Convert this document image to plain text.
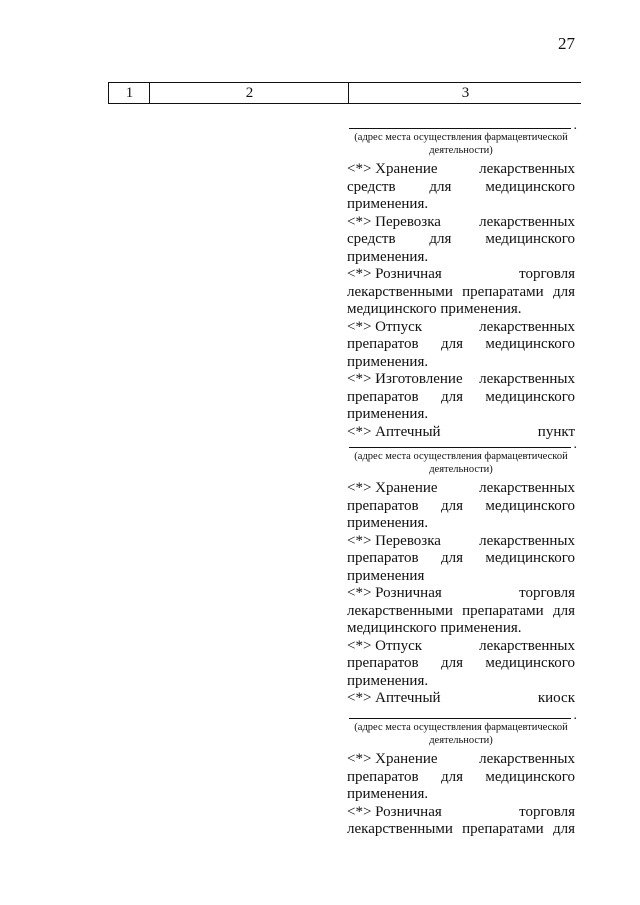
27
1	2	3
.
(адрес места осуществления фармацевтической деятельности)
<*> Хранение	лекарственных
средств для медицинского
применения.
<*> Перевозка	лекарственных
средств для медицинского
применения.
<*> Розничная	торговля
лекарственными препаратами для
медицинского применения.
<*> Отпуск	лекарственных
препаратов для медицинского
применения.
<*> Изготовление лекарственных
препаратов для медицинского
применения.
<*> Аптечный	пункт
.
(адрес места осуществления фармацевтической деятельности)
<*> Хранение	лекарственных
препаратов для медицинского
применения.
<*> Перевозка	лекарственных
препаратов для медицинского
применения
<*> Розничная	торговля
лекарственными препаратами для
медицинского применения.
<*> Отпуск	лекарственных
препаратов для медицинского
применения.
<*> Аптечный	киоск
.
(адрес места осуществления фармацевтической деятельности)
<*> Хранение	лекарственных
препаратов для медицинского
применения.
<*> Розничная	торговля
лекарственными препаратами для
